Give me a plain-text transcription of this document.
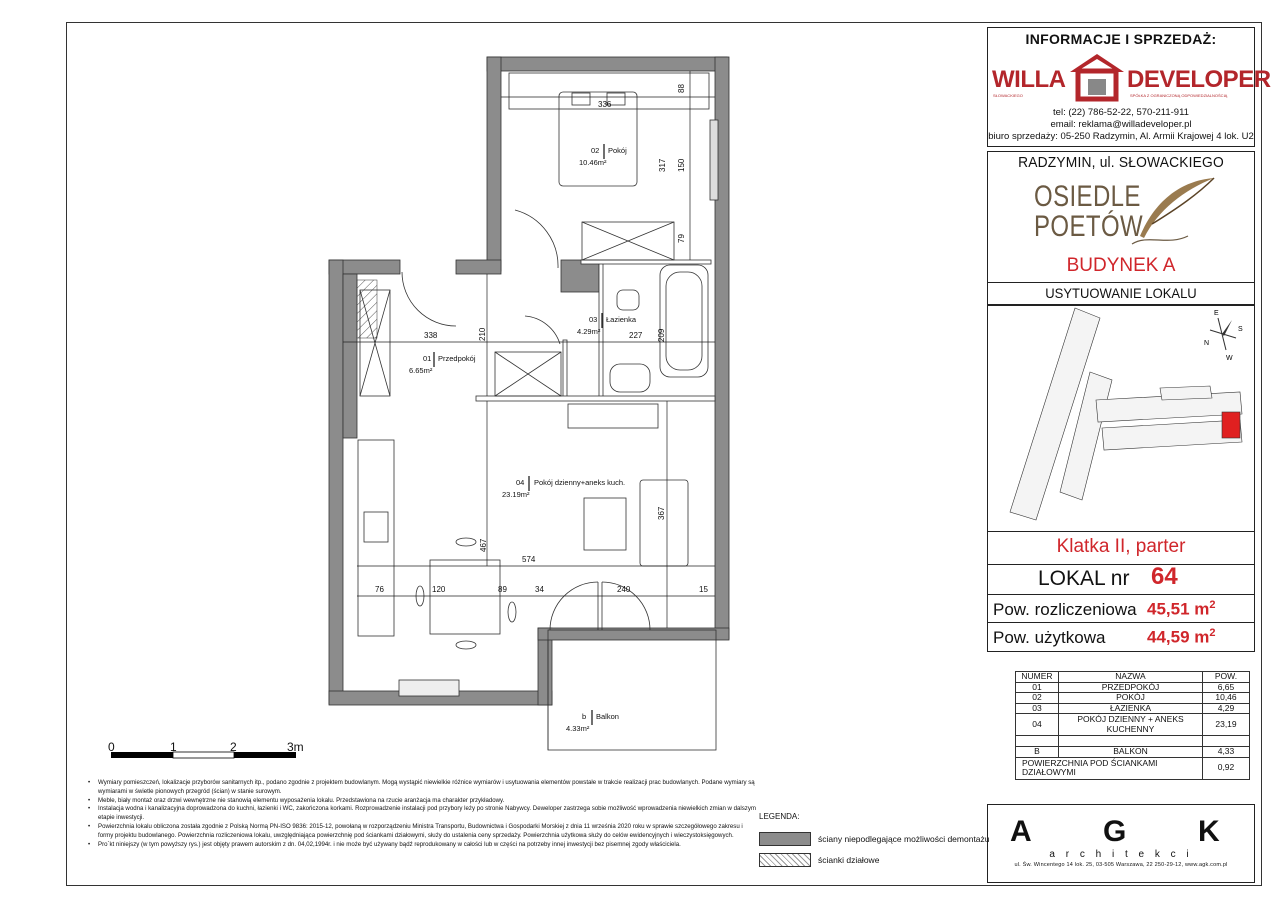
02 Pokój
10.46m²
03 Łazienka
4.29m²
01 Przedpokój
6.65m²
04 Pokój dzienny+aneks kuch.
23.19m²
b Balkon
4.33m²
336
88
317 150
79
338	210	227 209
467
574
367
76	120	89	34	240	15
N
E
S
W
0	1	2	3m
INFORMACJE I SPRZEDAŻ:
WILLA	DEVELOPER
SŁOWACKIEGO	SPÓŁKA Z OGRANICZONĄ ODPOWIEDZIALNOŚCIĄ
tel: (22) 786-52-22, 570-211-911
email: reklama@willadeveloper.pl
biuro sprzedaży: 05-250 Radzymin, Al. Armii Krajowej 4 lok. U2
RADZYMIN, ul. SŁOWACKIEGO
OSIEDLE
POETÓW
BUDYNEK A
USYTUOWANIE LOKALU
Klatka II, parter
LOKAL nr 64
Pow. rozliczeniowa 45,51 $m^2$
Pow. użytkowa 44,59 $m^2$
NUMER	NAZWA	POW.
01	PRZEDPOKÓJ	6,65
02	POKÓJ	10,46
03	ŁAZIENKA	4,29
04	POKÓJ DZIENNY + ANEKS KUCHENNY	23,19

B	BALKON	4,33
POWIERZCHNIA POD ŚCIANKAMI DZIAŁOWYMI		0,92
A G K
a r c h i t e k c i
ul. Św. Wincentego 14 lok. 25, 03-505 Warszawa, 22 250-29-12, www.agk.com.pl
• Wymiary pomieszczeń, lokalizacje przyborów sanitarnych itp., podano zgodnie z projektem budowlanym. Mogą wystąpić niewielkie różnice wymiarów i usytuowania elementów powstałe w trakcie realizacji prac budowlanych. Podane wymiary są wymiarami w świetle pionowych przegród (ścian) w stanie surowym.
• Meble, biały montaż oraz drzwi wewnętrzne nie stanowią elementu wyposażenia lokalu. Przedstawiona na rzucie aranżacja ma charakter przykładowy.
• Instalacja wodna i kanalizacyjna doprowadzona do kuchni, łazienki i WC, zakończona korkami. Rozprowadzenie instalacji pod przybory leży po stronie Nabywcy. Deweloper zastrzega sobie możliwość wprowadzenia niewielkich zmian w dalszym etapie inwestycji.
• Powierzchnia lokalu obliczona została zgodnie z Polską Normą PN-ISO 9836: 2015-12, powołaną w rozporządzeniu Ministra Transportu, Budownictwa i Gospodarki Morskiej z dnia 11 września 2020 roku w sprawie szczegółowego zakresu i formy projektu budowlanego. Powierzchnia rozliczeniowa lokalu, uwzględniająca powierzchnię pod ściankami działowymi, służy do ustalenia ceny sprzedaży. Powierzchnia użytkowa służy do celów ewidencyjnych i wieczystoksięgowych.
• Pro`kt niniejszy (w tym powyższy rys.) jest objęty prawem autorskim z dn. 04,02,1994r. i nie może być używany bądź reprodukowany w całości lub w części na potrzeby innej inwestycji bez pisemnej zgody właściciela.
LEGENDA:
ściany niepodlegające możliwości demontażu
ścianki działowe
